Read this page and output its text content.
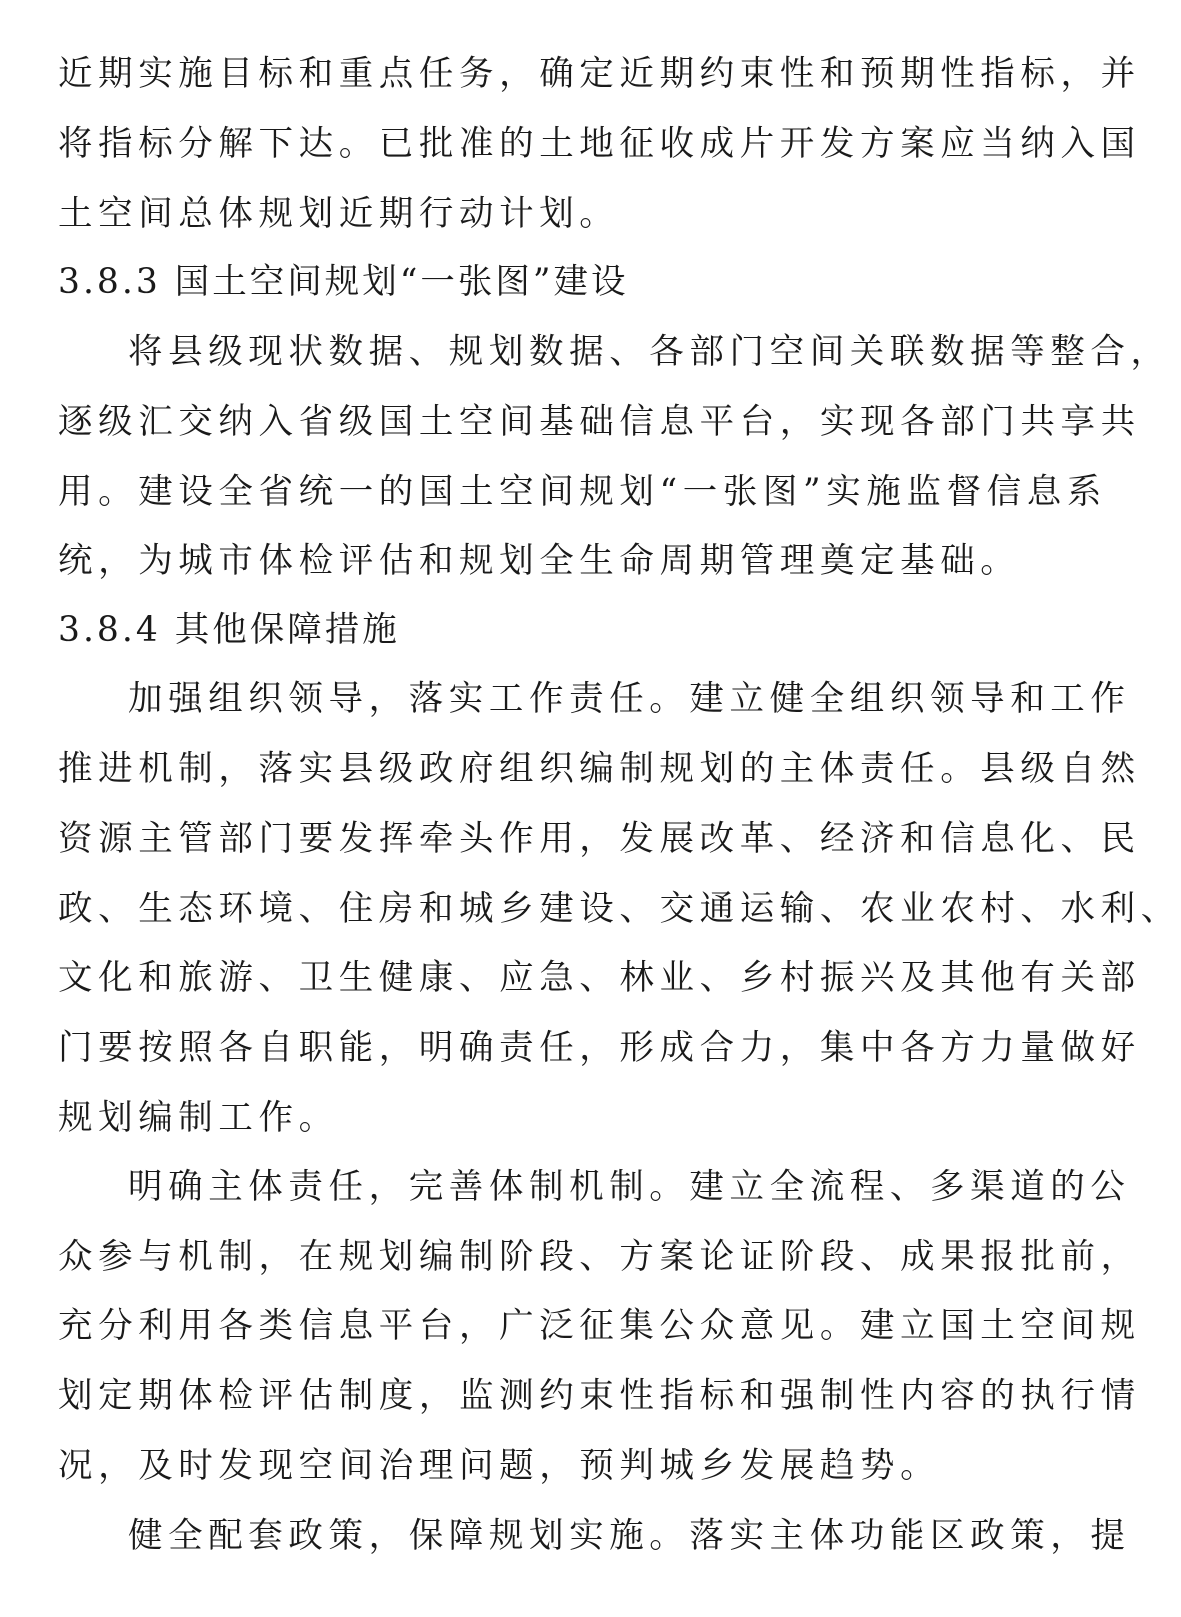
近期实施目标和重点任务，确定近期约束性和预期性指标，并
将指标分解下达。已批准的土地征收成片开发方案应当纳入国
土空间总体规划近期行动计划。
3.8.3 国土空间规划“一张图”建设
将县级现状数据、规划数据、各部门空间关联数据等整合，
逐级汇交纳入省级国土空间基础信息平台，实现各部门共享共
用。建设全省统一的国土空间规划“一张图”实施监督信息系
统，为城市体检评估和规划全生命周期管理奠定基础。
3.8.4 其他保障措施
加强组织领导，落实工作责任。建立健全组织领导和工作
推进机制，落实县级政府组织编制规划的主体责任。县级自然
资源主管部门要发挥牵头作用，发展改革、经济和信息化、民
政、生态环境、住房和城乡建设、交通运输、农业农村、水利、
文化和旅游、卫生健康、应急、林业、乡村振兴及其他有关部
门要按照各自职能，明确责任，形成合力，集中各方力量做好
规划编制工作。
明确主体责任，完善体制机制。建立全流程、多渠道的公
众参与机制，在规划编制阶段、方案论证阶段、成果报批前，
充分利用各类信息平台，广泛征集公众意见。建立国土空间规
划定期体检评估制度，监测约束性指标和强制性内容的执行情
况，及时发现空间治理问题，预判城乡发展趋势。
健全配套政策，保障规划实施。落实主体功能区政策，提
